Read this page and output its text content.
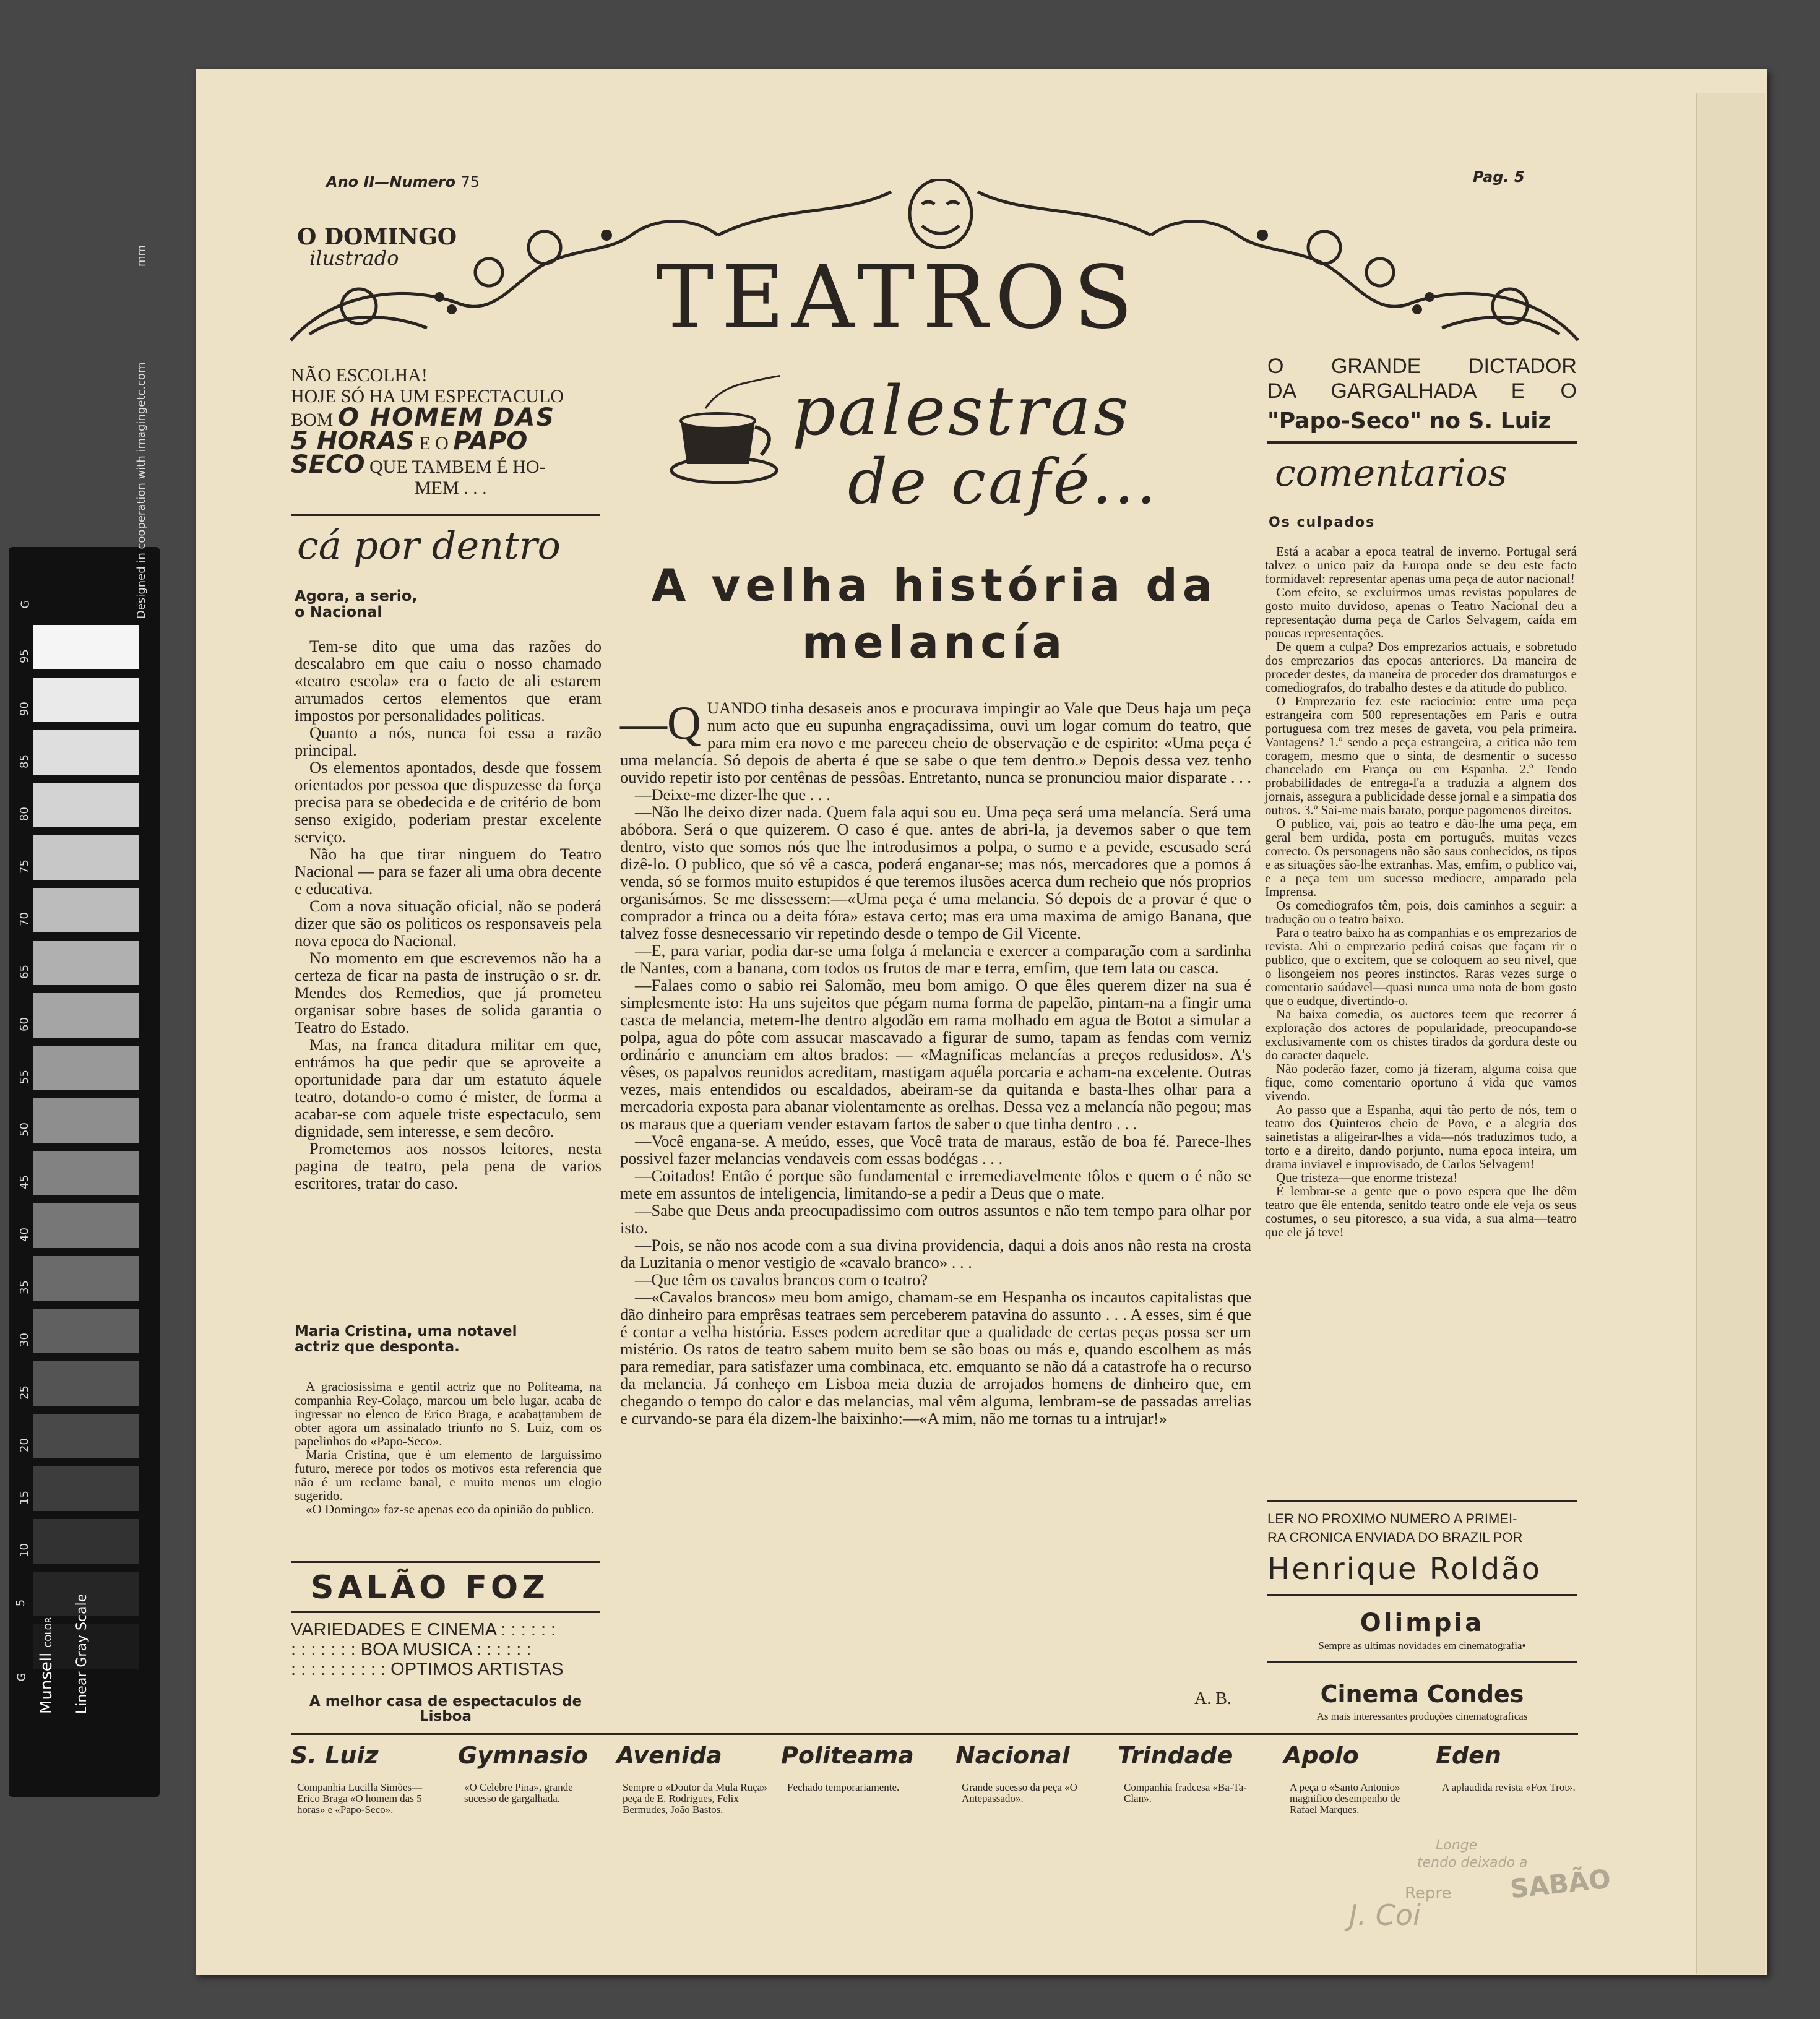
G
95
90
85
80
75
70
65
60
55
50
45
40
35
30
25
20
15
10
5
G
Designed in cooperation with imagingetc.com                           mm
Munsell COLOR Linear Gray Scale
Ano II—Numero 75	Pag. 5
O DOMINGO
ilustrado	TEATROS
NÃO ESCOLHA!
HOJE SÓ HA UM ESPECTACULO
BOM O HOMEM DAS
5 HORAS E O PAPO
SECO QUE TAMBEM É HO-
MEM . . .
cá por dentro
Agora, a serio,
o Nacional

Tem-se dito que uma das razões do descalabro em que caiu o nosso chamado «teatro escola» era o facto de ali estarem arrumados certos elementos que eram impostos por personalidades politicas.

Quanto a nós, nunca foi essa a razão principal.

Os elementos apontados, desde que fossem orientados por pessoa que dispuzesse da força precisa para se obedecida e de critério de bom senso exigido, poderiam prestar excelente serviço.

Não ha que tirar ninguem do Teatro Nacional — para se fazer ali uma obra decente e educativa.

Com a nova situação oficial, não se poderá dizer que são os politicos os responsaveis pela nova epoca do Nacional.

No momento em que escrevemos não ha a certeza de ficar na pasta de instrução o sr. dr. Mendes dos Remedios, que já prometeu organisar sobre bases de solida garantia o Teatro do Estado.

Mas, na franca ditadura militar em que, entrámos ha que pedir que se aproveite a oportunidade para dar um estatuto áquele teatro, dotando-o como é mister, de forma a acabar-se com aquele triste espectaculo, sem dignidade, sem interesse, e sem decôro.

Prometemos aos nossos leitores, nesta pagina de teatro, pela pena de varios escritores, tratar do caso.

Maria Cristina, uma notavel actriz que desponta.

A graciosissima e gentil actriz que no Politeama, na companhia Rey-Colaço, marcou um belo lugar, acaba de ingressar no elenco de Erico Braga, e acabaţtambem de obter agora um assinalado triunfo no S. Luiz, com os papelinhos do «Papo-Seco».

Maria Cristina, que é um elemento de larguissimo futuro, merece por todos os motivos esta referencia que não é um reclame banal, e muito menos um elogio sugerido.

«O Domingo» faz-se apenas eco da opinião do publico.

SALÃO FOZ
VARIEDADES E CINEMA : : : : : :
: : : : : : : BOA MUSICA : : : : : :
: : : : : : : : : : OPTIMOS ARTISTAS
A melhor casa de espectaculos de Lisboa
palestras
de café...
A velha história da
melancía
—Q UANDO tinha desaseis anos e procurava impingir ao Vale que Deus haja um peça num acto que eu supunha engraçadissima, ouvi um logar comum do teatro, que para mim era novo e me pareceu cheio de observação e de espirito: «Uma peça é uma melancía. Só depois de aberta é que se sabe o que tem dentro.» Depois dessa vez tenho ouvido repetir isto por centênas de pessôas. Entretanto, nunca se pronunciou maior disparate . . .

—Deixe-me dizer-lhe que . . .

—Não lhe deixo dizer nada. Quem fala aqui sou eu. Uma peça será uma melancía. Será uma abóbora. Será o que quizerem. O caso é que. antes de abri-la, ja devemos saber o que tem dentro, visto que somos nós que lhe introdusimos a polpa, o sumo e a pevide, escusado será dizê-lo. O publico, que só vê a casca, poderá enganar-se; mas nós, mercadores que a pomos á venda, só se formos muito estupidos é que teremos ilusões acerca dum recheio que nós proprios organisámos. Se me dissessem:—«Uma peça é uma melancia. Só depois de a provar é que o comprador a trinca ou a deita fóra» estava certo; mas era uma maxima de amigo Banana, que talvez fosse desnecessario vir repetindo desde o tempo de Gil Vicente.

—E, para variar, podia dar-se uma folga á melancia e exercer a comparação com a sardinha de Nantes, com a banana, com todos os frutos de mar e terra, emfim, que tem lata ou casca.

—Falaes como o sabio rei Salomão, meu bom amigo. O que êles querem dizer na sua é simplesmente isto: Ha uns sujeitos que pégam numa forma de papelão, pintam-na a fingir uma casca de melancia, metem-lhe dentro algodão em rama molhado em agua de Botot a simular a polpa, agua do pôte com assucar mascavado a figurar de sumo, tapam as fendas com verniz ordinário e anunciam em altos brados: — «Magnificas melancías a preços redusidos». A's vêses, os papalvos reunidos acreditam, mastigam aquéla porcaria e acham-na excelente. Outras vezes, mais entendidos ou escaldados, abeiram-se da quitanda e basta-lhes olhar para a mercadoria exposta para abanar violentamente as orelhas. Dessa vez a melancía não pegou; mas os maraus que a queriam vender estavam fartos de saber o que tinha dentro . . .

—Você engana-se. A meúdo, esses, que Você trata de maraus, estão de boa fé. Parece-lhes possivel fazer melancias vendaveis com essas bodégas . . .

—Coitados! Então é porque são fundamental e irremediavelmente tôlos e quem o é não se mete em assuntos de inteligencia, limitando-se a pedir a Deus que o mate.

—Sabe que Deus anda preocupadissimo com outros assuntos e não tem tempo para olhar por isto.

—Pois, se não nos acode com a sua divina providencia, daqui a dois anos não resta na crosta da Luzitania o menor vestigio de «cavalo branco» . . .

—Que têm os cavalos brancos com o teatro?

—«Cavalos brancos» meu bom amigo, chamam-se em Hespanha os incautos capitalistas que dão dinheiro para emprêsas teatraes sem perceberem patavina do assunto . . . A esses, sim é que é contar a velha história. Esses podem acreditar que a qualidade de certas peças possa ser um mistério. Os ratos de teatro sabem muito bem se são boas ou más e, quando escolhem as más para remediar, para satisfazer uma combinaca, etc. emquanto se não dá a catastrofe ha o recurso da melancia. Já conheço em Lisboa meia duzia de arrojados homens de dinheiro que, em chegando o tempo do calor e das melancias, mal vêm alguma, lembram-se de passadas arrelias e curvando-se para éla dizem-lhe baixinho:—«A mim, não me tornas tu a intrujar!»

A. B.
O GRANDE DICTADOR
DA GARGALHADA E O
"Papo-Seco" no S. Luiz
comentarios
Os culpados

Está a acabar a epoca teatral de inverno. Portugal será talvez o unico paiz da Europa onde se deu este facto formidavel: representar apenas uma peça de autor nacional!

Com efeito, se excluirmos umas revistas populares de gosto muito duvidoso, apenas o Teatro Nacional deu a representação duma peça de Carlos Selvagem, caída em poucas representações.

De quem a culpa? Dos emprezarios actuais, e sobretudo dos emprezarios das epocas anteriores. Da maneira de proceder destes, da maneira de proceder dos dramaturgos e comediografos, do trabalho destes e da atitude do publico.

O Emprezario fez este raciocinio: entre uma peça estrangeira com 500 representações em Paris e outra portuguesa com trez meses de gaveta, vou pela primeira. Vantagens? 1.º sendo a peça estrangeira, a critica não tem coragem, mesmo que o sinta, de desmentir o sucesso chancelado em França ou em Espanha. 2.º Tendo probabilidades de entrega-l'a a traduzia a algnem dos jornais, assegura a publicidade desse jornal e a simpatia dos outros. 3.º Sai-me mais barato, porque pagomenos direitos.

O publico, vai, pois ao teatro e dão-lhe uma peça, em geral bem urdida, posta em português, muitas vezes correcto. Os personagens não são saus conhecidos, os tipos e as situações são-lhe extranhas. Mas, emfim, o publico vai, e a peça tem um sucesso mediocre, amparado pela Imprensa.

Os comediografos têm, pois, dois caminhos a seguir: a tradução ou o teatro baixo.

Para o teatro baixo ha as companhias e os emprezarios de revista. Ahi o emprezario pedirá coisas que façam rir o publico, que o excitem, que se coloquem ao seu nivel, que o lisongeiem nos peores instinctos. Raras vezes surge o comentario saúdavel—quasi nunca uma nota de bom gosto que o eudque, divertindo-o.

Na baixa comedia, os auctores teem que recorrer á exploração dos actores de popularidade, preocupando-se exclusivamente com os chistes tirados da gordura deste ou do caracter daquele.

Não poderão fazer, como já fizeram, alguma coisa que fique, como comentario oportuno á vida que vamos vivendo.

Ao passo que a Espanha, aqui tão perto de nós, tem o teatro dos Quinteros cheio de Povo, e a alegria dos sainetistas a aligeirar-lhes a vida—nós traduzimos tudo, a torto e a direito, dando porjunto, numa epoca inteira, um drama inviavel e improvisado, de Carlos Selvagem!

Que tristeza—que enorme tristeza!

É lembrar-se a gente que o povo espera que lhe dêm teatro que êle entenda, senitdo teatro onde ele veja os seus costumes, o seu pitoresco, a sua vida, a sua alma—teatro que ele já teve!

LER NO PROXIMO NUMERO A PRIMEI-
RA CRONICA ENVIADA DO BRAZIL POR
Henrique Roldão
Olimpia
Sempre as ultimas novidades em cinematografia•
Cinema Condes
As mais interessantes produções cinematograficas
S. Luiz
Companhia Lucilla Simões—Erico Braga «O homem das 5 horas» e «Papo-Seco».
Gymnasio
«O Celebre Pina», grande sucesso de gargalhada.
Avenida
Sempre o «Doutor da Mula Ruça» peça de E. Rodrigues, Felix Bermudes, João Bastos.
Politeama
Fechado temporariamente.
Nacional
Grande sucesso da peça «O Antepassado».
Trindade
Companhia fradcesa «Ba-Ta-Clan».
Apolo
A peça o «Santo Antonio» magnifico desempenho de Rafael Marques.
Eden
A aplaudida revista «Fox Trot».
Longe
tendo deixado a
SABÃO
Repre
J. Coi
